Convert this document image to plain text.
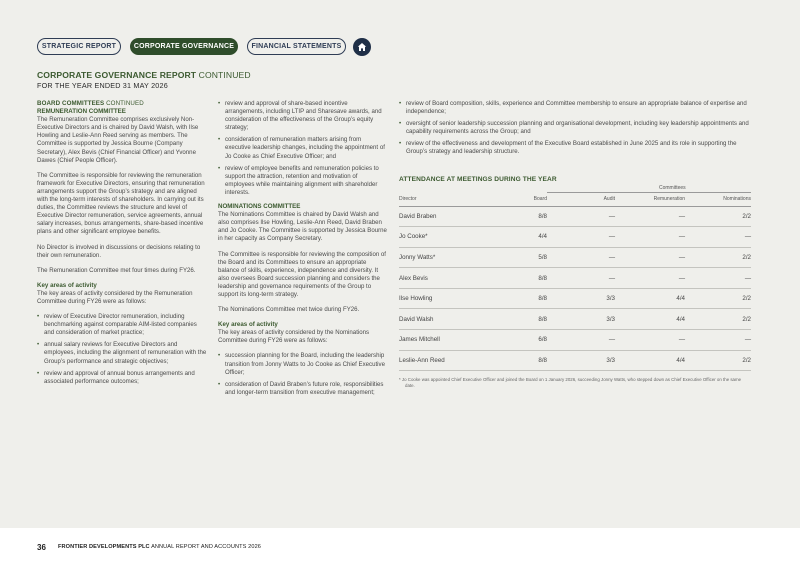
STRATEGIC REPORT	CORPORATE GOVERNANCE	FINANCIAL STATEMENTS
CORPORATE GOVERNANCE REPORT CONTINUED
FOR THE YEAR ENDED 31 MAY 2026
BOARD COMMITTEES CONTINUED
REMUNERATION COMMITTEE

The Remuneration Committee comprises exclusively Non-Executive Directors and is chaired by David Walsh, with Ilse Howling and Leslie-Ann Reed serving as members. The Committee is supported by Jessica Bourne (Company Secretary), Alex Bevis (Chief Financial Officer) and Yvonne Dawes (Chief People Officer).

The Committee is responsible for reviewing the remuneration framework for Executive Directors, ensuring that remuneration arrangements support the Group’s strategy and are aligned with the long-term interests of shareholders. In carrying out its duties, the Committee reviews the structure and level of Executive Director remuneration, service agreements, annual salary increases, bonus arrangements, share-based incentive plans and other significant employee benefits.

No Director is involved in discussions or decisions relating to their own remuneration.

The Remuneration Committee met four times during FY26.

Key areas of activity

The key areas of activity considered by the Remuneration Committee during FY26 were as follows:

• review of Executive Director remuneration, including benchmarking against comparable AIM-listed companies and consideration of market practice;
• annual salary reviews for Executive Directors and employees, including the alignment of remuneration with the Group’s performance and strategic objectives;
• review and approval of annual bonus arrangements and associated performance outcomes;
• review and approval of share-based incentive arrangements, including LTIP and Sharesave awards, and consideration of the effectiveness of the Group’s equity strategy;
• consideration of remuneration matters arising from executive leadership changes, including the appointment of Jo Cooke as Chief Executive Officer; and
• review of employee benefits and remuneration policies to support the attraction, retention and motivation of employees while maintaining alignment with shareholder interests.
NOMINATIONS COMMITTEE

The Nominations Committee is chaired by David Walsh and also comprises Ilse Howling, Leslie-Ann Reed, David Braben and Jo Cooke. The Committee is supported by Jessica Bourne in her capacity as Company Secretary.

The Committee is responsible for reviewing the composition of the Board and its Committees to ensure an appropriate balance of skills, experience, independence and diversity. It also oversees Board succession planning and considers the leadership and governance requirements of the Group to support its long-term strategy.

The Nominations Committee met twice during FY26.

Key areas of activity

The key areas of activity considered by the Nominations Committee during FY26 were as follows:

• succession planning for the Board, including the leadership transition from Jonny Watts to Jo Cooke as Chief Executive Officer;
• consideration of David Braben’s future role, responsibilities and longer-term transition from executive management;
• review of Board composition, skills, experience and Committee membership to ensure an appropriate balance of expertise and independence;
• oversight of senior leadership succession planning and organisational development, including key leadership appointments and capability requirements across the Group; and
• review of the effectiveness and development of the Executive Board established in June 2025 and its role in supporting the Group’s strategy and leadership structure.
ATTENDANCE AT MEETINGS DURING THE YEAR
Committees
Director	Board	Audit	Remuneration	Nominations
David Braben	8/8	—	—	2/2
Jo Cooke*	4/4	—	—	—
Jonny Watts*	5/8	—	—	2/2
Alex Bevis	8/8	—	—	—
Ilse Howling	8/8	3/3	4/4	2/2
David Walsh	8/8	3/3	4/4	2/2
James Mitchell	6/8	—	—	—
Leslie-Ann Reed	8/8	3/3	4/4	2/2
* Jo Cooke was appointed Chief Executive Officer and joined the Board on 1 January 2026, succeeding Jonny Watts, who stepped down as Chief Executive Officer on the same date.
36 FRONTIER DEVELOPMENTS PLC ANNUAL REPORT AND ACCOUNTS 2026
